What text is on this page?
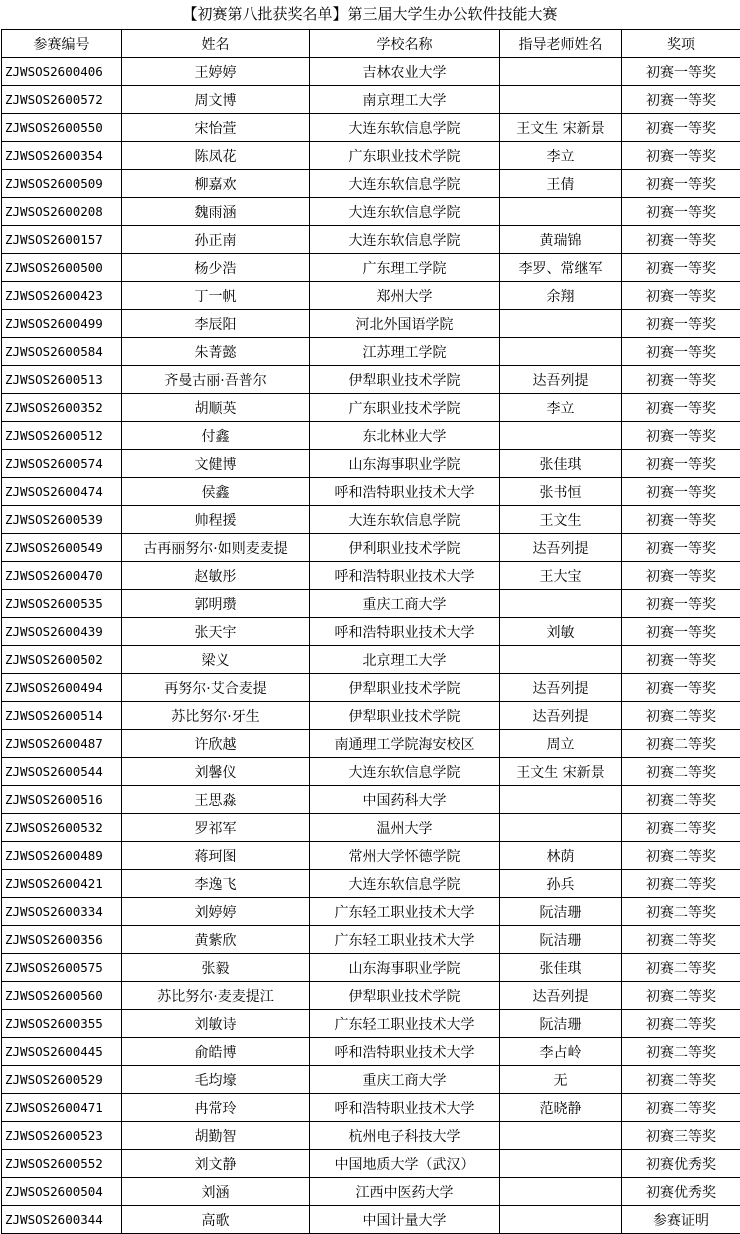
【初赛第八批获奖名单】第三届大学生办公软件技能大赛
参赛编号	姓名	学校名称	指导老师姓名	奖项
ZJWSOS2600406	王婷婷	吉林农业大学		初赛一等奖
ZJWSOS2600572	周文博	南京理工大学		初赛一等奖
ZJWSOS2600550	宋怡萱	大连东软信息学院	王文生 宋新景	初赛一等奖
ZJWSOS2600354	陈凤花	广东职业技术学院	李立	初赛一等奖
ZJWSOS2600509	柳嘉欢	大连东软信息学院	王倩	初赛一等奖
ZJWSOS2600208	魏雨涵	大连东软信息学院		初赛一等奖
ZJWSOS2600157	孙正南	大连东软信息学院	黄瑞锦	初赛一等奖
ZJWSOS2600500	杨少浩	广东理工学院	李罗、常继军	初赛一等奖
ZJWSOS2600423	丁一帆	郑州大学	余翔	初赛一等奖
ZJWSOS2600499	李辰阳	河北外国语学院		初赛一等奖
ZJWSOS2600584	朱菁懿	江苏理工学院		初赛一等奖
ZJWSOS2600513	齐曼古丽·吾普尔	伊犁职业技术学院	达吾列提	初赛一等奖
ZJWSOS2600352	胡顺英	广东职业技术学院	李立	初赛一等奖
ZJWSOS2600512	付鑫	东北林业大学		初赛一等奖
ZJWSOS2600574	文健博	山东海事职业学院	张佳琪	初赛一等奖
ZJWSOS2600474	侯鑫	呼和浩特职业技术大学	张书恒	初赛一等奖
ZJWSOS2600539	帅程援	大连东软信息学院	王文生	初赛一等奖
ZJWSOS2600549	古再丽努尔·如则麦麦提	伊利职业技术学院	达吾列提	初赛一等奖
ZJWSOS2600470	赵敏彤	呼和浩特职业技术大学	王大宝	初赛一等奖
ZJWSOS2600535	郭明瓒	重庆工商大学		初赛一等奖
ZJWSOS2600439	张天宇	呼和浩特职业技术大学	刘敏	初赛一等奖
ZJWSOS2600502	梁义	北京理工大学		初赛一等奖
ZJWSOS2600494	再努尔·艾合麦提	伊犁职业技术学院	达吾列提	初赛一等奖
ZJWSOS2600514	苏比努尔·牙生	伊犁职业技术学院	达吾列提	初赛二等奖
ZJWSOS2600487	许欣越	南通理工学院海安校区	周立	初赛二等奖
ZJWSOS2600544	刘馨仪	大连东软信息学院	王文生 宋新景	初赛二等奖
ZJWSOS2600516	王思淼	中国药科大学		初赛二等奖
ZJWSOS2600532	罗祁军	温州大学		初赛二等奖
ZJWSOS2600489	蒋珂图	常州大学怀德学院	林荫	初赛二等奖
ZJWSOS2600421	李逸飞	大连东软信息学院	孙兵	初赛二等奖
ZJWSOS2600334	刘婷婷	广东轻工职业技术大学	阮洁珊	初赛二等奖
ZJWSOS2600356	黄紫欣	广东轻工职业技术大学	阮洁珊	初赛二等奖
ZJWSOS2600575	张毅	山东海事职业学院	张佳琪	初赛二等奖
ZJWSOS2600560	苏比努尔·麦麦提江	伊犁职业技术学院	达吾列提	初赛二等奖
ZJWSOS2600355	刘敏诗	广东轻工职业技术大学	阮洁珊	初赛二等奖
ZJWSOS2600445	俞皓博	呼和浩特职业技术大学	李占岭	初赛二等奖
ZJWSOS2600529	毛均壕	重庆工商大学	无	初赛二等奖
ZJWSOS2600471	冉常玲	呼和浩特职业技术大学	范晓静	初赛二等奖
ZJWSOS2600523	胡勤智	杭州电子科技大学		初赛三等奖
ZJWSOS2600552	刘文静	中国地质大学（武汉）		初赛优秀奖
ZJWSOS2600504	刘涵	江西中医药大学		初赛优秀奖
ZJWSOS2600344	高歌	中国计量大学		参赛证明
